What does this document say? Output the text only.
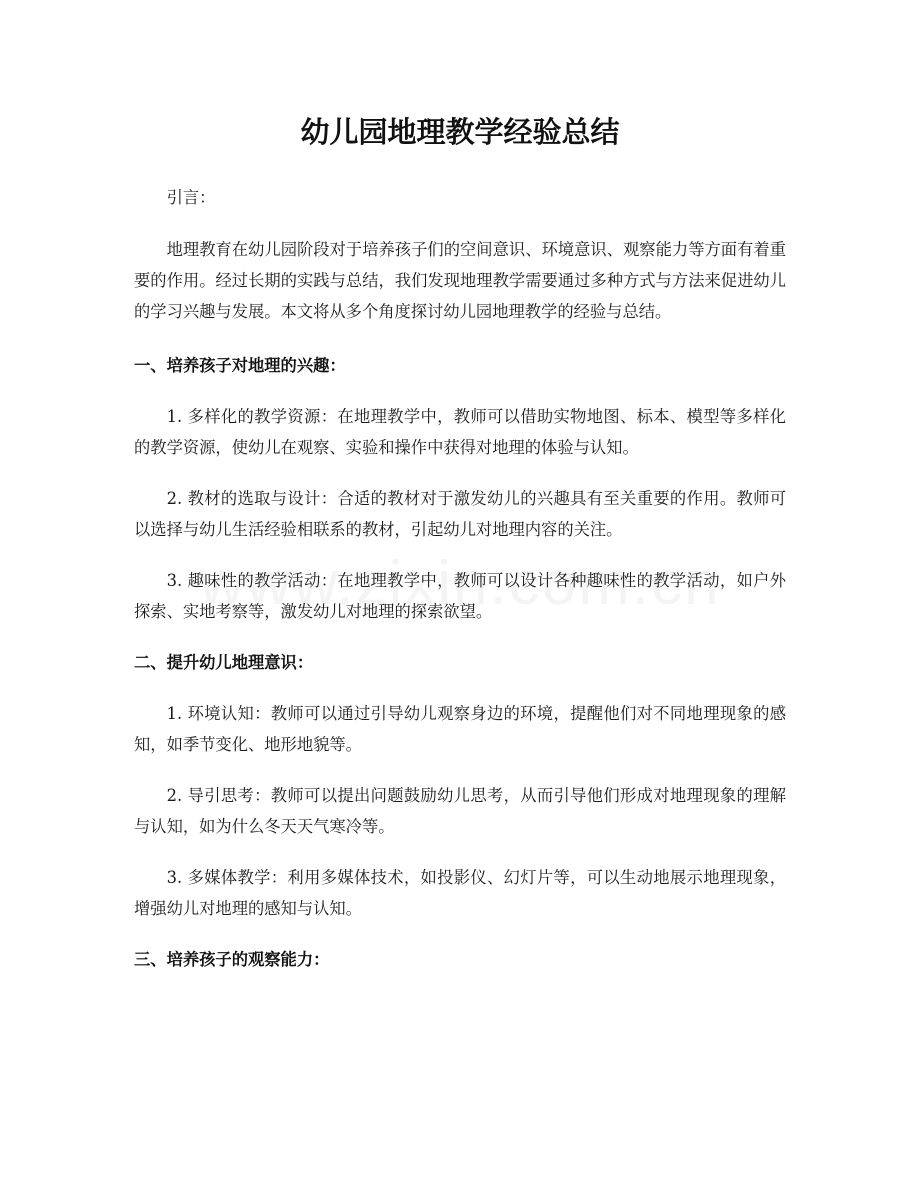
幼儿园地理教学经验总结

引言：

地理教育在幼儿园阶段对于培养孩子们的空间意识、环境意识、观察能力等方面有着重要的作用。经过长期的实践与总结，我们发现地理教学需要通过多种方式与方法来促进幼儿的学习兴趣与发展。本文将从多个角度探讨幼儿园地理教学的经验与总结。

一、培养孩子对地理的兴趣：

1. 多样化的教学资源：在地理教学中，教师可以借助实物地图、标本、模型等多样化的教学资源，使幼儿在观察、实验和操作中获得对地理的体验与认知。

2. 教材的选取与设计：合适的教材对于激发幼儿的兴趣具有至关重要的作用。教师可以选择与幼儿生活经验相联系的教材，引起幼儿对地理内容的关注。

3. 趣味性的教学活动：在地理教学中，教师可以设计各种趣味性的教学活动，如户外探索、实地考察等，激发幼儿对地理的探索欲望。

二、提升幼儿地理意识：

1. 环境认知：教师可以通过引导幼儿观察身边的环境，提醒他们对不同地理现象的感知，如季节变化、地形地貌等。

2. 导引思考：教师可以提出问题鼓励幼儿思考，从而引导他们形成对地理现象的理解与认知，如为什么冬天天气寒冷等。

3. 多媒体教学：利用多媒体技术，如投影仪、幻灯片等，可以生动地展示地理现象，增强幼儿对地理的感知与认知。

三、培养孩子的观察能力：
